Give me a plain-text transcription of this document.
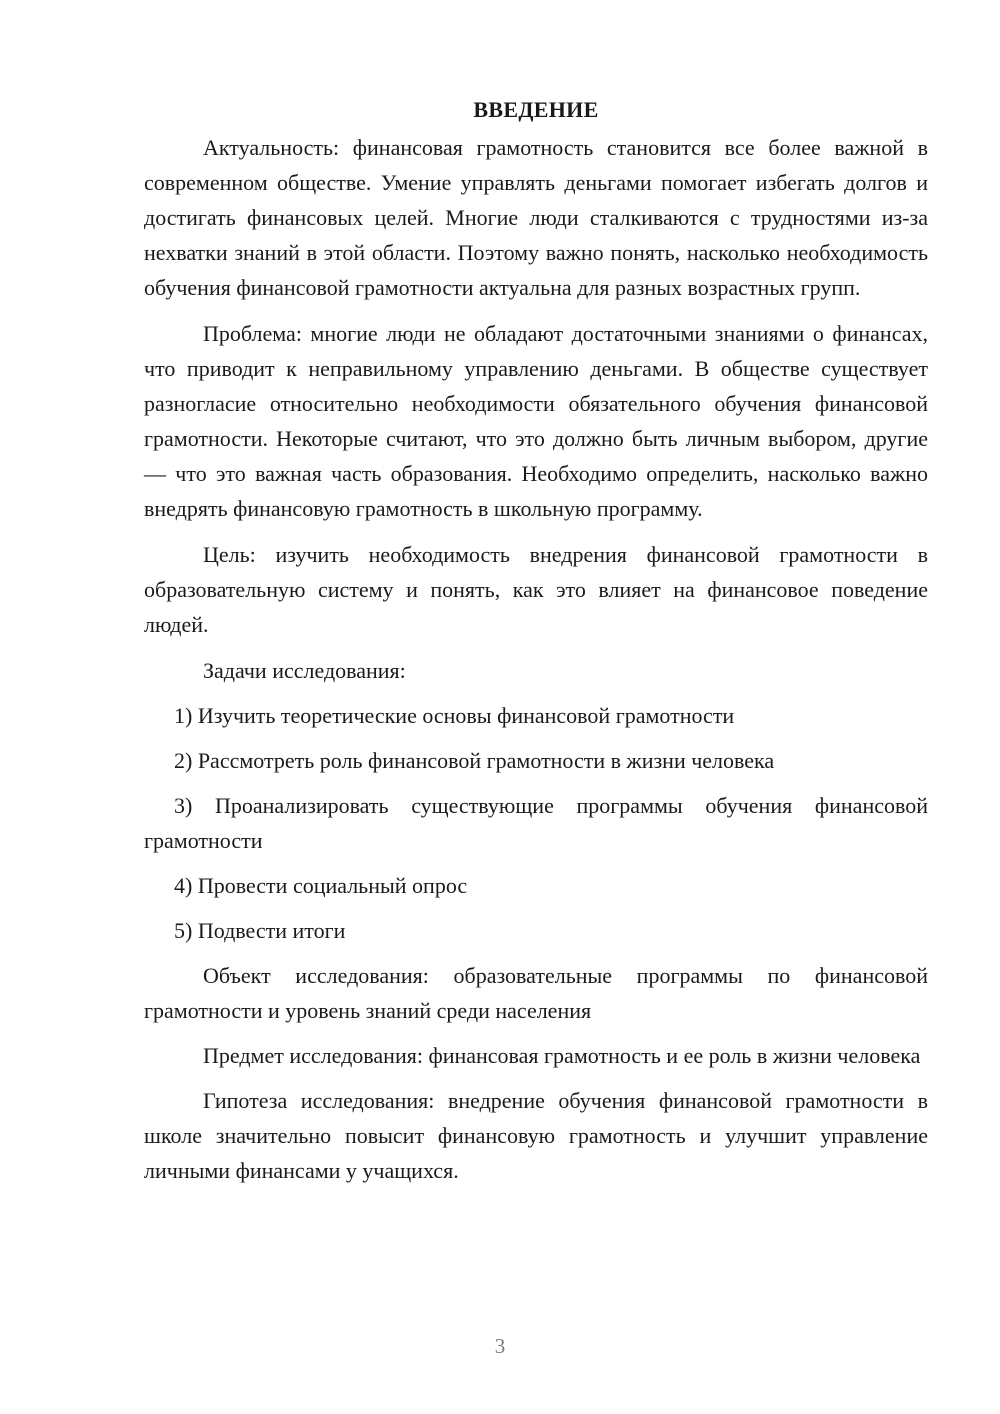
ВВЕДЕНИЕ

Актуальность: финансовая грамотность становится все более важной в современном обществе. Умение управлять деньгами помогает избегать долгов и достигать финансовых целей. Многие люди сталкиваются с трудностями из-за нехватки знаний в этой области. Поэтому важно понять, насколько необходимость обучения финансовой грамотности актуальна для разных возрастных групп.

Проблема: многие люди не обладают достаточными знаниями о финансах, что приводит к неправильному управлению деньгами. В обществе существует разногласие относительно необходимости обязательного обучения финансовой грамотности. Некоторые считают, что это должно быть личным выбором, другие — что это важная часть образования. Необходимо определить, насколько важно внедрять финансовую грамотность в школьную программу.

Цель: изучить необходимость внедрения финансовой грамотности в образовательную систему и понять, как это влияет на финансовое поведение людей.

Задачи исследования:

1) Изучить теоретические основы финансовой грамотности

2) Рассмотреть роль финансовой грамотности в жизни человека

3) Проанализировать существующие программы обучения финансовой грамотности

4) Провести социальный опрос

5) Подвести итоги

Объект исследования: образовательные программы по финансовой грамотности и уровень знаний среди населения

Предмет исследования: финансовая грамотность и ее роль в жизни человека

Гипотеза исследования: внедрение обучения финансовой грамотности в школе значительно повысит финансовую грамотность и улучшит управление личными финансами у учащихся.

3
